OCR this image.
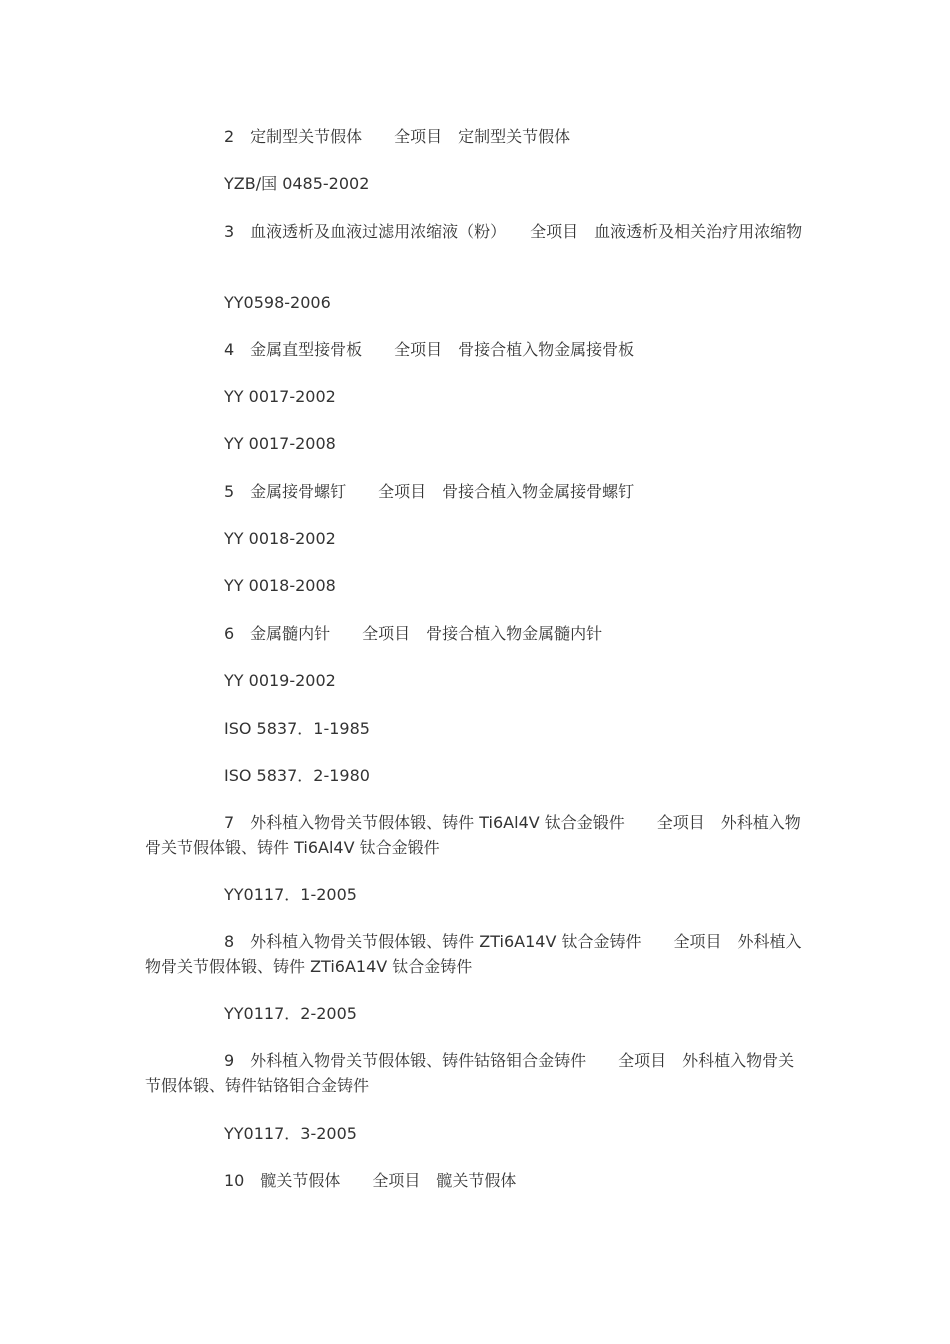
2　定制型关节假体　　全项目　定制型关节假体

YZB/国 0485-2002

3　血液透析及血液过滤用浓缩液（粉）　　全项目　血液透析及相关治疗用浓缩物

YY0598-2006

4　金属直型接骨板　　全项目　骨接合植入物金属接骨板

YY 0017-2002

YY 0017-2008

5　金属接骨螺钉　　全项目　骨接合植入物金属接骨螺钉

YY 0018-2002

YY 0018-2008

6　金属髓内针　　全项目　骨接合植入物金属髓内针

YY 0019-2002

ISO 5837．1-1985

ISO 5837．2-1980

7　外科植入物骨关节假体锻、铸件 Ti6Al4V 钛合金锻件　　全项目　外科植入物骨关节假体锻、铸件 Ti6Al4V 钛合金锻件

YY0117．1-2005

8　外科植入物骨关节假体锻、铸件 ZTi6A14V 钛合金铸件　　全项目　外科植入物骨关节假体锻、铸件 ZTi6A14V 钛合金铸件

YY0117．2-2005

9　外科植入物骨关节假体锻、铸件钴铬钼合金铸件　　全项目　外科植入物骨关节假体锻、铸件钴铬钼合金铸件

YY0117．3-2005

10　髋关节假体　　全项目　髋关节假体
